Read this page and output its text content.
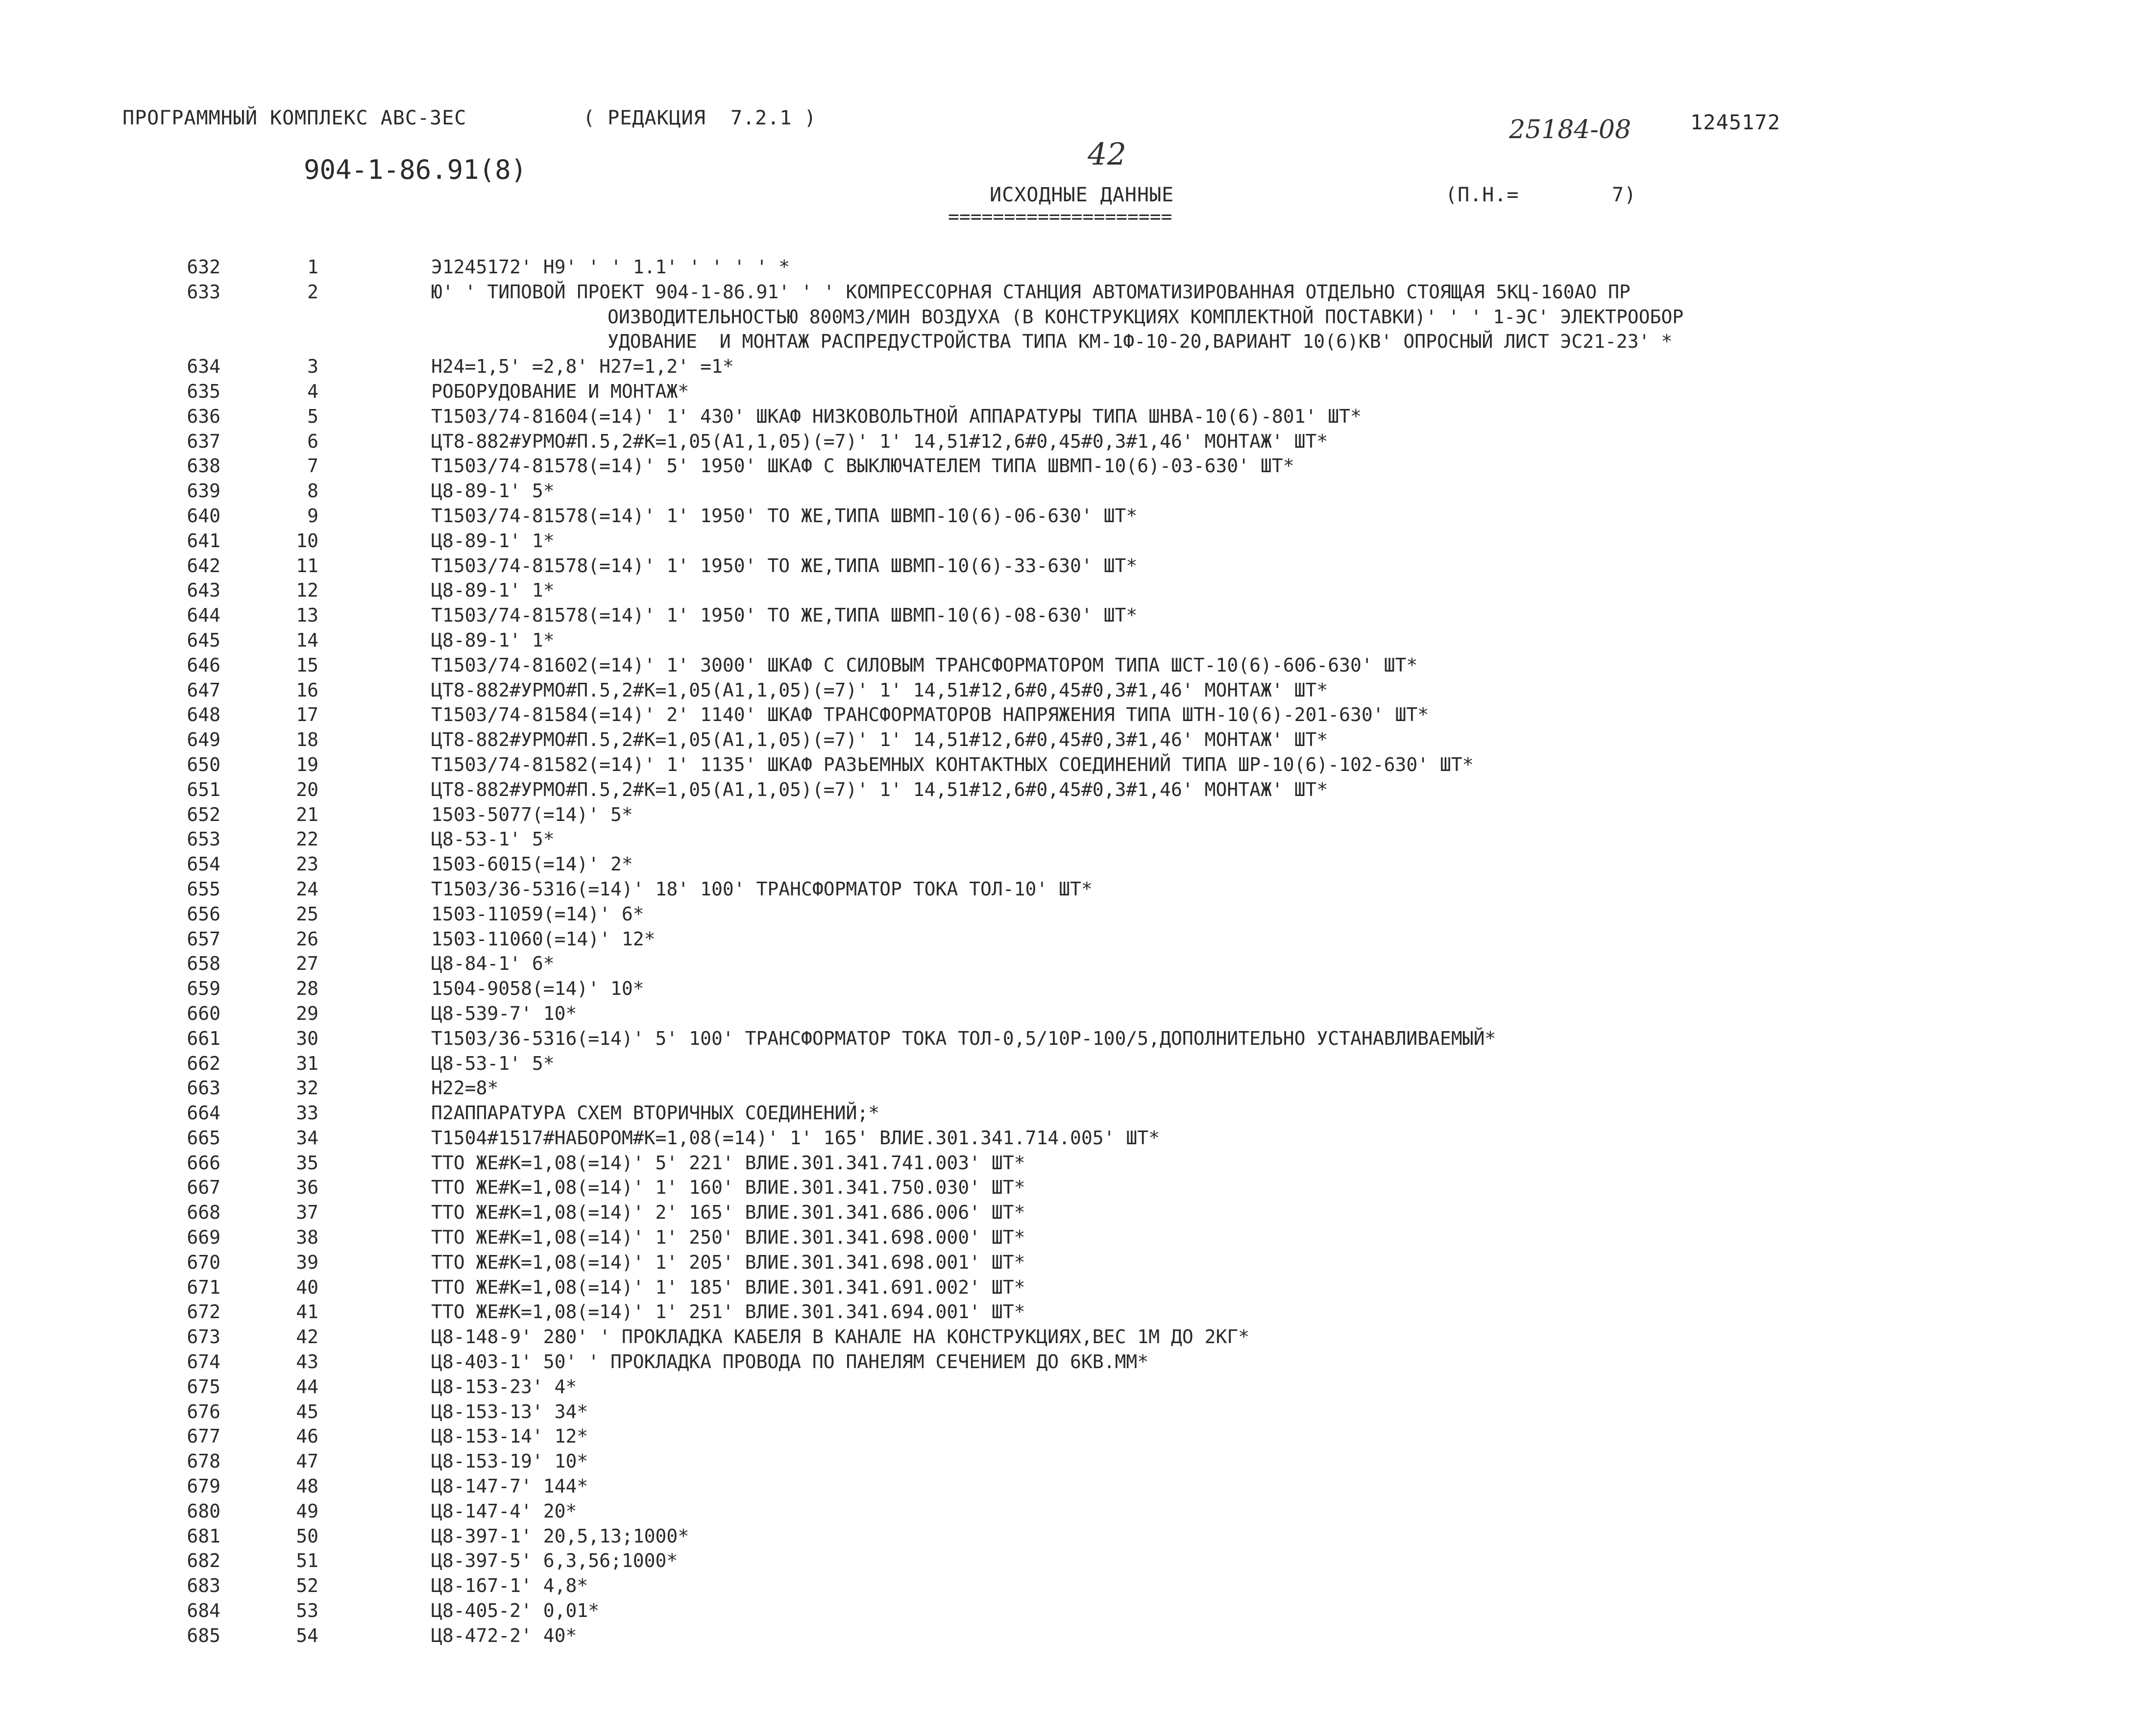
ПРОГРАММНЫЙ КОМПЛЕКС АВС-ЗЕС	( РЕДАКЦИЯ  7.2.1 )	25184-08	1245172
904-1-86.91(8)	42
ИСХОДНЫЕ ДАННЫЕ
====================
(П.Н.=	7)
632	1	Э1245172' Н9' ' ' 1.1' ' ' ' ' *
633	2	Ю' ' ТИПОВОЙ ПРОЕКТ 904-1-86.91' ' ' КОМПРЕССОРНАЯ СТАНЦИЯ АВТОМАТИЗИРОВАННАЯ ОТДЕЛЬНО СТОЯЩАЯ 5КЦ-160АО ПР
ОИЗВОДИТЕЛЬНОСТЬЮ 800М3/МИН ВОЗДУХА (В КОНСТРУКЦИЯХ КОМПЛЕКТНОЙ ПОСТАВКИ)' ' ' 1-ЭС' ЭЛЕКТРООБОР
УДОВАНИЕ  И МОНТАЖ РАСПРЕДУСТРОЙСТВА ТИПА КМ-1Ф-10-20,ВАРИАНТ 10(6)КВ' ОПРОСНЫЙ ЛИСТ ЭС21-23' *
634	3	Н24=1,5' =2,8' Н27=1,2' =1*
635	4	РОБОРУДОВАНИЕ И МОНТАЖ*
636	5	Т1503/74-81604(=14)' 1' 430' ШКАФ НИЗКОВОЛЬТНОЙ АППАРАТУРЫ ТИПА ШНВА-10(6)-801' ШТ*
637	6	ЦТ8-882#УРМО#П.5,2#К=1,05(А1,1,05)(=7)' 1' 14,51#12,6#0,45#0,3#1,46' МОНТАЖ' ШТ*
638	7	Т1503/74-81578(=14)' 5' 1950' ШКАФ С ВЫКЛЮЧАТЕЛЕМ ТИПА ШВМП-10(6)-03-630' ШТ*
639	8	Ц8-89-1' 5*
640	9	Т1503/74-81578(=14)' 1' 1950' ТО ЖЕ,ТИПА ШВМП-10(6)-06-630' ШТ*
641	10	Ц8-89-1' 1*
642	11	Т1503/74-81578(=14)' 1' 1950' ТО ЖЕ,ТИПА ШВМП-10(6)-33-630' ШТ*
643	12	Ц8-89-1' 1*
644	13	Т1503/74-81578(=14)' 1' 1950' ТО ЖЕ,ТИПА ШВМП-10(6)-08-630' ШТ*
645	14	Ц8-89-1' 1*
646	15	Т1503/74-81602(=14)' 1' 3000' ШКАФ С СИЛОВЫМ ТРАНСФОРМАТОРОМ ТИПА ШСТ-10(6)-606-630' ШТ*
647	16	ЦТ8-882#УРМО#П.5,2#К=1,05(А1,1,05)(=7)' 1' 14,51#12,6#0,45#0,3#1,46' МОНТАЖ' ШТ*
648	17	Т1503/74-81584(=14)' 2' 1140' ШКАФ ТРАНСФОРМАТОРОВ НАПРЯЖЕНИЯ ТИПА ШТН-10(6)-201-630' ШТ*
649	18	ЦТ8-882#УРМО#П.5,2#К=1,05(А1,1,05)(=7)' 1' 14,51#12,6#0,45#0,3#1,46' МОНТАЖ' ШТ*
650	19	Т1503/74-81582(=14)' 1' 1135' ШКАФ РАЗЬЕМНЫХ КОНТАКТНЫХ СОЕДИНЕНИЙ ТИПА ШР-10(6)-102-630' ШТ*
651	20	ЦТ8-882#УРМО#П.5,2#К=1,05(А1,1,05)(=7)' 1' 14,51#12,6#0,45#0,3#1,46' МОНТАЖ' ШТ*
652	21	1503-5077(=14)' 5*
653	22	Ц8-53-1' 5*
654	23	1503-6015(=14)' 2*
655	24	Т1503/36-5316(=14)' 18' 100' ТРАНСФОРМАТОР ТОКА ТОЛ-10' ШТ*
656	25	1503-11059(=14)' 6*
657	26	1503-11060(=14)' 12*
658	27	Ц8-84-1' 6*
659	28	1504-9058(=14)' 10*
660	29	Ц8-539-7' 10*
661	30	Т1503/36-5316(=14)' 5' 100' ТРАНСФОРМАТОР ТОКА ТОЛ-0,5/10Р-100/5,ДОПОЛНИТЕЛЬНО УСТАНАВЛИВАЕМЫЙ*
662	31	Ц8-53-1' 5*
663	32	Н22=8*
664	33	П2АППАРАТУРА СХЕМ ВТОРИЧНЫХ СОЕДИНЕНИЙ;*
665	34	Т1504#1517#НАБОРОМ#К=1,08(=14)' 1' 165' ВЛИЕ.301.341.714.005' ШТ*
666	35	ТТО ЖЕ#К=1,08(=14)' 5' 221' ВЛИЕ.301.341.741.003' ШТ*
667	36	ТТО ЖЕ#К=1,08(=14)' 1' 160' ВЛИЕ.301.341.750.030' ШТ*
668	37	ТТО ЖЕ#К=1,08(=14)' 2' 165' ВЛИЕ.301.341.686.006' ШТ*
669	38	ТТО ЖЕ#К=1,08(=14)' 1' 250' ВЛИЕ.301.341.698.000' ШТ*
670	39	ТТО ЖЕ#К=1,08(=14)' 1' 205' ВЛИЕ.301.341.698.001' ШТ*
671	40	ТТО ЖЕ#К=1,08(=14)' 1' 185' ВЛИЕ.301.341.691.002' ШТ*
672	41	ТТО ЖЕ#К=1,08(=14)' 1' 251' ВЛИЕ.301.341.694.001' ШТ*
673	42	Ц8-148-9' 280' ' ПРОКЛАДКА КАБЕЛЯ В КАНАЛЕ НА КОНСТРУКЦИЯХ,ВЕС 1М ДО 2КГ*
674	43	Ц8-403-1' 50' ' ПРОКЛАДКА ПРОВОДА ПО ПАНЕЛЯМ СЕЧЕНИЕМ ДО 6КВ.ММ*
675	44	Ц8-153-23' 4*
676	45	Ц8-153-13' 34*
677	46	Ц8-153-14' 12*
678	47	Ц8-153-19' 10*
679	48	Ц8-147-7' 144*
680	49	Ц8-147-4' 20*
681	50	Ц8-397-1' 20,5,13;1000*
682	51	Ц8-397-5' 6,3,56;1000*
683	52	Ц8-167-1' 4,8*
684	53	Ц8-405-2' 0,01*
685	54	Ц8-472-2' 40*
